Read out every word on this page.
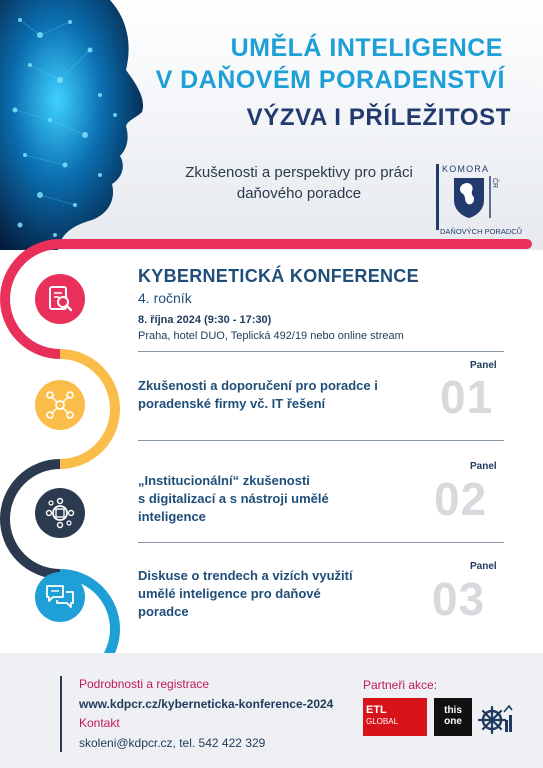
UMĚLÁ INTELIGENCE
V DAŇOVÉM PORADENSTVÍ
VÝZVA I PŘÍLEŽITOST
Zkušenosti a perspektivy pro práci
daňového poradce
KOMORA
ČR
DAŇOVÝCH PORADCŮ
KYBERNETICKÁ KONFERENCE
4. ročník
8. října 2024 (9:30 - 17:30)
Praha, hotel DUO, Teplická 492/19 nebo online stream
Panel
01
Zkušenosti a doporučení pro poradce i
poradenské firmy vč. IT řešení
Panel
02
„Institucionální“ zkušenosti
s digitalizací a s nástroji umělé
inteligence
Panel
03
Diskuse o trendech a vizích využití
umělé inteligence pro daňové
poradce
Podrobnosti a registrace
www.kdpcr.cz/kyberneticka-konference-2024
Kontakt
skoleni@kdpcr.cz, tel. 542 422 329
Partneři akce:
ETL
GLOBAL
this
one
